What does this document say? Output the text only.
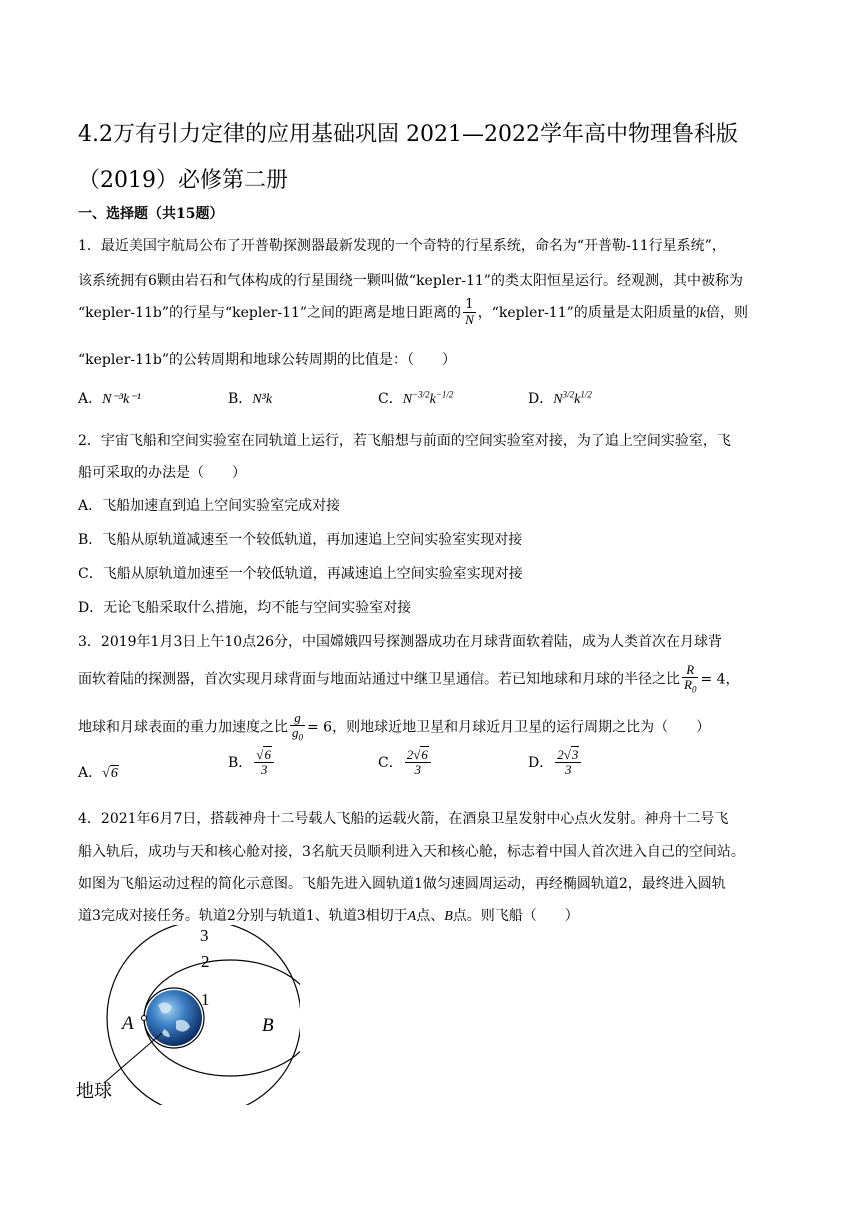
4.2万有引力定律的应用基础巩固 2021—2022学年高中物理鲁科版（2019）必修第二册
一、选择题（共15题）
1．最近美国宇航局公布了开普勒探测器最新发现的一个奇特的行星系统，命名为“开普勒-11行星系统”，
该系统拥有6颗由岩石和气体构成的行星围绕一颗叫做“kepler-11”的类太阳恒星运行。经观测，其中被称为
“kepler-11b”的行星与“kepler-11”之间的距离是地日距离的 $\frac{1}{N}$ ，“kepler-11”的质量是太阳质量的k倍，则
“kepler-11b”的公转周期和地球公转周期的比值是：（　　）
A．N⁻³k⁻¹	B．N³k	C．$N^{-3/2}k^{-1/2}$	D．$N^{3/2}k^{1/2}$
2．宇宙飞船和空间实验室在同轨道上运行，若飞船想与前面的空间实验室对接，为了追上空间实验室，飞
船可采取的办法是（　　）
A．飞船加速直到追上空间实验室完成对接
B．飞船从原轨道减速至一个较低轨道，再加速追上空间实验室实现对接
C．飞船从原轨道加速至一个较低轨道，再减速追上空间实验室实现对接
D．无论飞船采取什么措施，均不能与空间实验室对接
3．2019年1月3日上午10点26分，中国嫦娥四号探测器成功在月球背面软着陆，成为人类首次在月球背
面软着陆的探测器，首次实现月球背面与地面站通过中继卫星通信。若已知地球和月球的半径之比 $\frac{R}{R_0} = 4$，
地球和月球表面的重力加速度之比 $\frac{g}{g_0} = 6$，则地球近地卫星和月球近月卫星的运行周期之比为（　　）
A．√6
B． $\frac{√6}{3}$	C． $\frac{2√6}{3}$	D． $\frac{2√3}{3}$
4．2021年6月7日，搭载神舟十二号载人飞船的运载火箭，在酒泉卫星发射中心点火发射。神舟十二号飞
船入轨后，成功与天和核心舱对接，3名航天员顺利进入天和核心舱，标志着中国人首次进入自己的空间站。
如图为飞船运动过程的简化示意图。飞船先进入圆轨道1做匀速圆周运动，再经椭圆轨道2，最终进入圆轨
道3完成对接任务。轨道2分别与轨道1、轨道3相切于A点、B点。则飞船（　　）
3
2
1
A	B
地球
